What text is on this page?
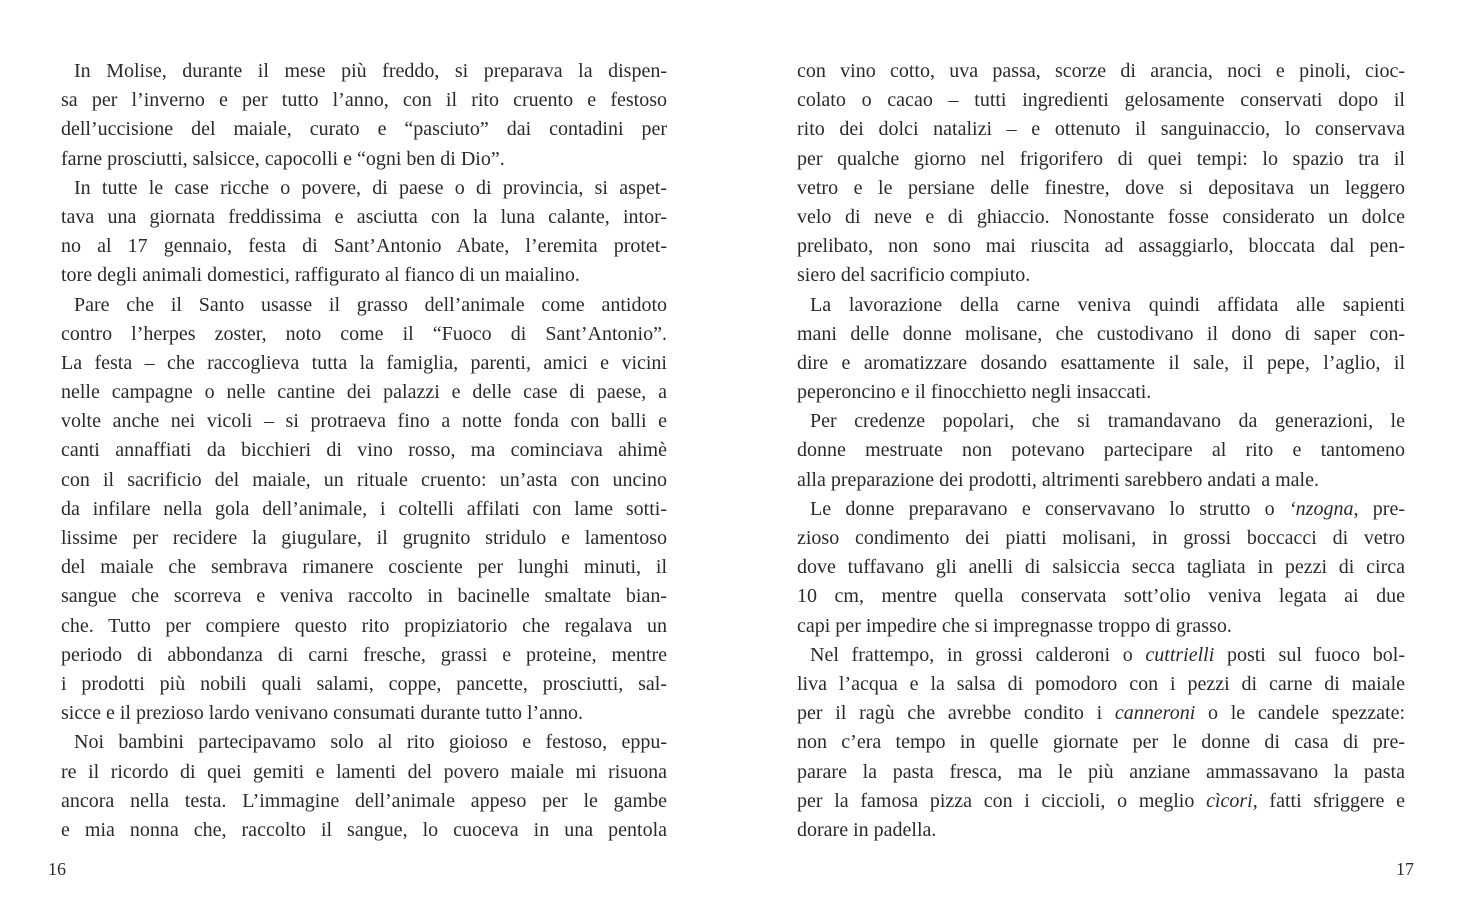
In Molise, durante il mese più freddo, si preparava la dispen-
sa per l’inverno e per tutto l’anno, con il rito cruento e festoso
dell’uccisione del maiale, curato e “pasciuto” dai contadini per
farne prosciutti, salsicce, capocolli e “ogni ben di Dio”.
In tutte le case ricche o povere, di paese o di provincia, si aspet-
tava una giornata freddissima e asciutta con la luna calante, intor-
no al 17 gennaio, festa di Sant’Antonio Abate, l’eremita protet-
tore degli animali domestici, raffigurato al fianco di un maialino.
Pare che il Santo usasse il grasso dell’animale come antidoto
contro l’herpes zoster, noto come il “Fuoco di Sant’Antonio”.
La festa – che raccoglieva tutta la famiglia, parenti, amici e vicini
nelle campagne o nelle cantine dei palazzi e delle case di paese, a
volte anche nei vicoli – si protraeva fino a notte fonda con balli e
canti annaffiati da bicchieri di vino rosso, ma cominciava ahimè
con il sacrificio del maiale, un rituale cruento: un’asta con uncino
da infilare nella gola dell’animale, i coltelli affilati con lame sotti-
lissime per recidere la giugulare, il grugnito stridulo e lamentoso
del maiale che sembrava rimanere cosciente per lunghi minuti, il
sangue che scorreva e veniva raccolto in bacinelle smaltate bian-
che. Tutto per compiere questo rito propiziatorio che regalava un
periodo di abbondanza di carni fresche, grassi e proteine, mentre
i prodotti più nobili quali salami, coppe, pancette, prosciutti, sal-
sicce e il prezioso lardo venivano consumati durante tutto l’anno.
Noi bambini partecipavamo solo al rito gioioso e festoso, eppu-
re il ricordo di quei gemiti e lamenti del povero maiale mi risuona
ancora nella testa. L’immagine dell’animale appeso per le gambe
e mia nonna che, raccolto il sangue, lo cuoceva in una pentola
16
con vino cotto, uva passa, scorze di arancia, noci e pinoli, cioc-
colato o cacao – tutti ingredienti gelosamente conservati dopo il
rito dei dolci natalizi – e ottenuto il sanguinaccio, lo conservava
per qualche giorno nel frigorifero di quei tempi: lo spazio tra il
vetro e le persiane delle finestre, dove si depositava un leggero
velo di neve e di ghiaccio. Nonostante fosse considerato un dolce
prelibato, non sono mai riuscita ad assaggiarlo, bloccata dal pen-
siero del sacrificio compiuto.
La lavorazione della carne veniva quindi affidata alle sapienti
mani delle donne molisane, che custodivano il dono di saper con-
dire e aromatizzare dosando esattamente il sale, il pepe, l’aglio, il
peperoncino e il finocchietto negli insaccati.
Per credenze popolari, che si tramandavano da generazioni, le
donne mestruate non potevano partecipare al rito e tantomeno
alla preparazione dei prodotti, altrimenti sarebbero andati a male.
Le donne preparavano e conservavano lo strutto o ‘nzogna, pre-
zioso condimento dei piatti molisani, in grossi boccacci di vetro
dove tuffavano gli anelli di salsiccia secca tagliata in pezzi di circa
10 cm, mentre quella conservata sott’olio veniva legata ai due
capi per impedire che si impregnasse troppo di grasso.
Nel frattempo, in grossi calderoni o cuttrielli posti sul fuoco bol-
liva l’acqua e la salsa di pomodoro con i pezzi di carne di maiale
per il ragù che avrebbe condito i canneroni o le candele spezzate:
non c’era tempo in quelle giornate per le donne di casa di pre-
parare la pasta fresca, ma le più anziane ammassavano la pasta
per la famosa pizza con i ciccioli, o meglio cìcori, fatti sfriggere e
dorare in padella.
17
